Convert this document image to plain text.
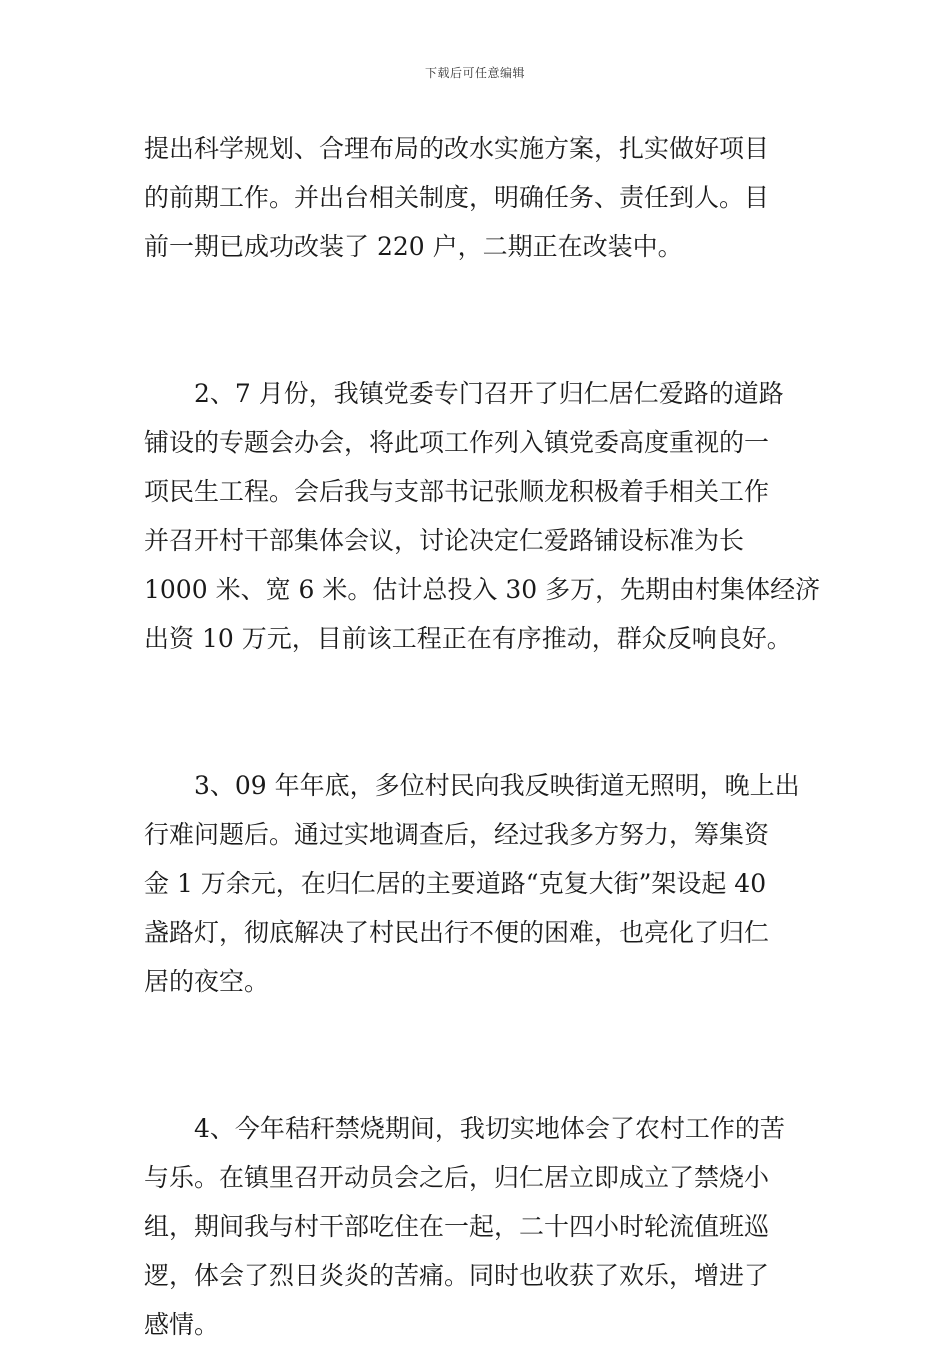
下载后可任意编辑
提出科学规划、合理布局的改水实施方案，扎实做好项目
的前期工作。并出台相关制度，明确任务、责任到人。目
前一期已成功改装了 220 户，二期正在改装中。
2、7 月份，我镇党委专门召开了归仁居仁爱路的道路
铺设的专题会办会，将此项工作列入镇党委高度重视的一
项民生工程。会后我与支部书记张顺龙积极着手相关工作
并召开村干部集体会议，讨论决定仁爱路铺设标准为长
1000 米、宽 6 米。估计总投入 30 多万，先期由村集体经济
出资 10 万元，目前该工程正在有序推动，群众反响良好。
3、09 年年底，多位村民向我反映街道无照明，晚上出
行难问题后。通过实地调查后，经过我多方努力，筹集资
金 1 万余元，在归仁居的主要道路“克复大街”架设起 40
盏路灯，彻底解决了村民出行不便的困难，也亮化了归仁
居的夜空。
4、今年秸秆禁烧期间，我切实地体会了农村工作的苦
与乐。在镇里召开动员会之后，归仁居立即成立了禁烧小
组，期间我与村干部吃住在一起，二十四小时轮流值班巡
逻，体会了烈日炎炎的苦痛。同时也收获了欢乐，增进了
感情。
